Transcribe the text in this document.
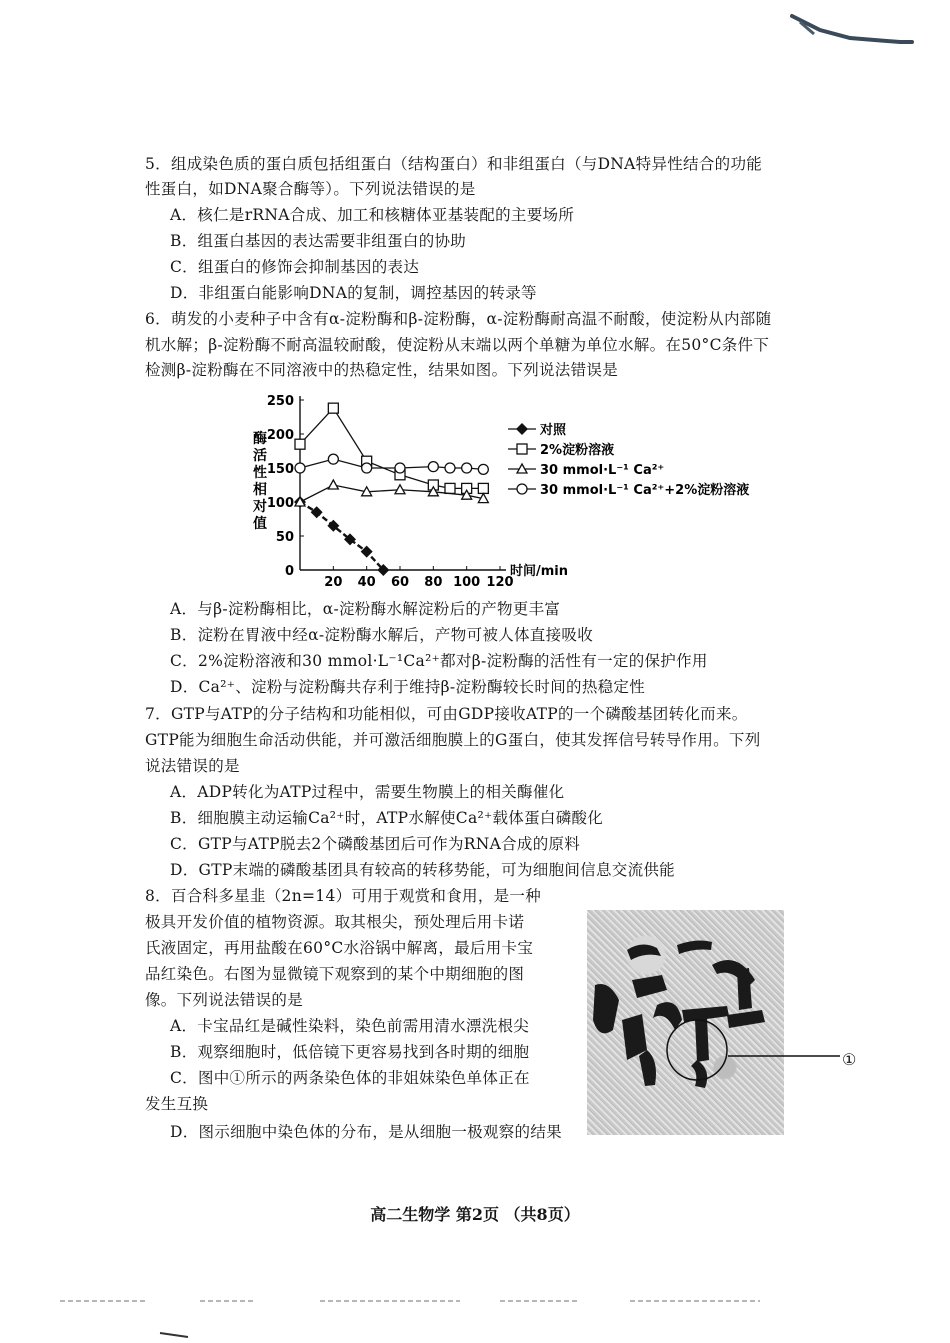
5．组成染色质的蛋白质包括组蛋白（结构蛋白）和非组蛋白（与DNA特异性结合的功能
性蛋白，如DNA聚合酶等）。下列说法错误的是
A．核仁是rRNA合成、加工和核糖体亚基装配的主要场所
B．组蛋白基因的表达需要非组蛋白的协助
C．组蛋白的修饰会抑制基因的表达
D．非组蛋白能影响DNA的复制，调控基因的转录等
6．萌发的小麦种子中含有α-淀粉酶和β-淀粉酶，α-淀粉酶耐高温不耐酸，使淀粉从内部随
机水解；β-淀粉酶不耐高温较耐酸，使淀粉从末端以两个单糖为单位水解。在50°C条件下
检测β-淀粉酶在不同溶液中的热稳定性，结果如图。下列说法错误是
0
50
100
150
200
250
20 40 60 80 100 120
时间/min
酶
活
性
相
对
值
对照
2%淀粉溶液
30 mmol·L⁻¹ Ca²⁺
30 mmol·L⁻¹ Ca²⁺+2%淀粉溶液
A．与β-淀粉酶相比，α-淀粉酶水解淀粉后的产物更丰富
B．淀粉在胃液中经α-淀粉酶水解后，产物可被人体直接吸收
C．2%淀粉溶液和30 mmol·L⁻¹Ca²⁺都对β-淀粉酶的活性有一定的保护作用
D．Ca²⁺、淀粉与淀粉酶共存利于维持β-淀粉酶较长时间的热稳定性
7．GTP与ATP的分子结构和功能相似，可由GDP接收ATP的一个磷酸基团转化而来。
GTP能为细胞生命活动供能，并可激活细胞膜上的G蛋白，使其发挥信号转导作用。下列
说法错误的是
A．ADP转化为ATP过程中，需要生物膜上的相关酶催化
B．细胞膜主动运输Ca²⁺时，ATP水解使Ca²⁺载体蛋白磷酸化
C．GTP与ATP脱去2个磷酸基团后可作为RNA合成的原料
D．GTP末端的磷酸基团具有较高的转移势能，可为细胞间信息交流供能
8．百合科多星韭（2n=14）可用于观赏和食用，是一种
极具开发价值的植物资源。取其根尖，预处理后用卡诺
氏液固定，再用盐酸在60°C水浴锅中解离，最后用卡宝
品红染色。右图为显微镜下观察到的某个中期细胞的图
像。下列说法错误的是
A．卡宝品红是碱性染料，染色前需用清水漂洗根尖
B．观察细胞时，低倍镜下更容易找到各时期的细胞
C．图中①所示的两条染色体的非姐妹染色单体正在
发生互换
D．图示细胞中染色体的分布，是从细胞一极观察的结果
①
高二生物学 第2页 （共8页）
